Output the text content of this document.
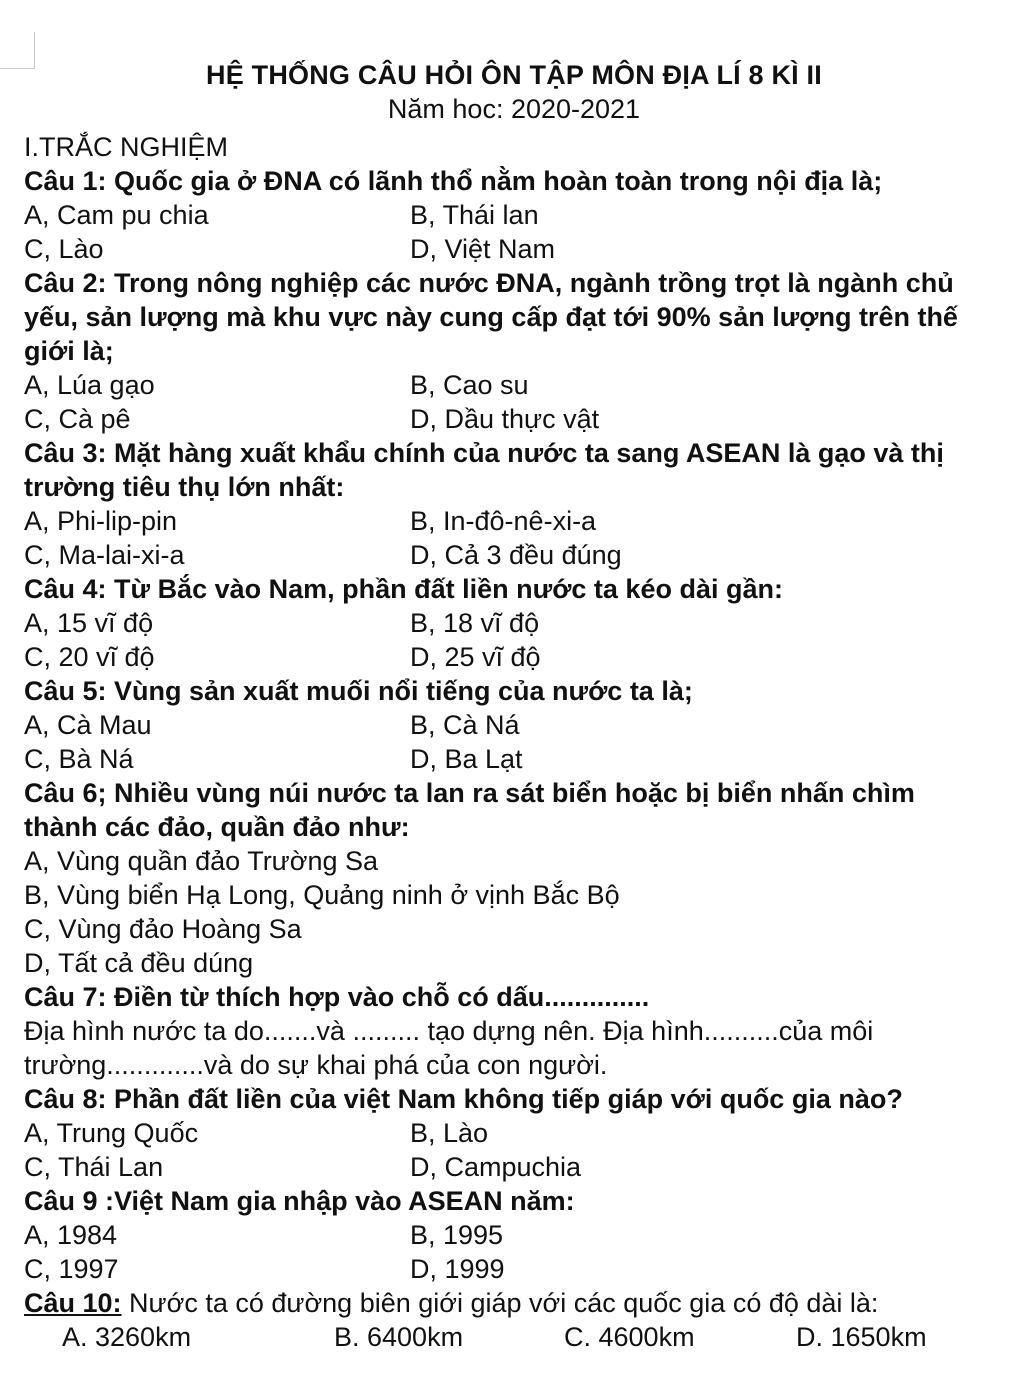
HỆ THỐNG CÂU HỎI ÔN TẬP MÔN ĐỊA LÍ 8 KÌ II
Năm hoc: 2020-2021
I.TRẮC NGHIỆM
Câu 1: Quốc gia ở ĐNA có lãnh thổ nằm hoàn toàn trong nội địa là;
A, Cam pu chia	B, Thái lan
C, Lào	D, Việt Nam
Câu 2: Trong nông nghiệp các nước ĐNA, ngành trồng trọt là ngành chủ
yếu, sản lượng mà khu vực này cung cấp đạt tới 90% sản lượng trên thế
giới là;
A, Lúa gạo	B, Cao su
C, Cà pê	D, Dầu thực vật
Câu 3: Mặt hàng xuất khẩu chính của nước ta sang ASEAN là gạo và thị
trường tiêu thụ lớn nhất:
A, Phi-lip-pin	B, In-đô-nê-xi-a
C, Ma-lai-xi-a	D, Cả 3 đều đúng
Câu 4: Từ Bắc vào Nam, phần đất liền nước ta kéo dài gần:
A, 15 vĩ độ	B, 18 vĩ độ
C, 20 vĩ độ	D, 25 vĩ độ
Câu 5: Vùng sản xuất muối nổi tiếng của nước ta là;
A, Cà Mau	B, Cà Ná
C, Bà Ná	D, Ba Lạt
Câu 6; Nhiều vùng núi nước ta lan ra sát biển hoặc bị biển nhấn chìm
thành các đảo, quần đảo như:
A, Vùng quần đảo Trường Sa
B, Vùng biển Hạ Long, Quảng ninh ở vịnh Bắc Bộ
C, Vùng đảo Hoàng Sa
D, Tất cả đều dúng
Câu 7: Điền từ thích hợp vào chỗ có dấu..............
Địa hình nước ta do.......và ......... tạo dựng nên. Địa hình..........của môi
trường.............và do sự khai phá của con người.
Câu 8: Phần đất liền của việt Nam không tiếp giáp với quốc gia nào?
A, Trung Quốc	B, Lào
C, Thái Lan	D, Campuchia
Câu 9 :Việt Nam gia nhập vào ASEAN năm:
A, 1984	B, 1995
C, 1997	D, 1999
Câu 10: Nước ta có đường biên giới giáp với các quốc gia có độ dài là:
A. 3260km	B. 6400km	C. 4600km	D. 1650km
